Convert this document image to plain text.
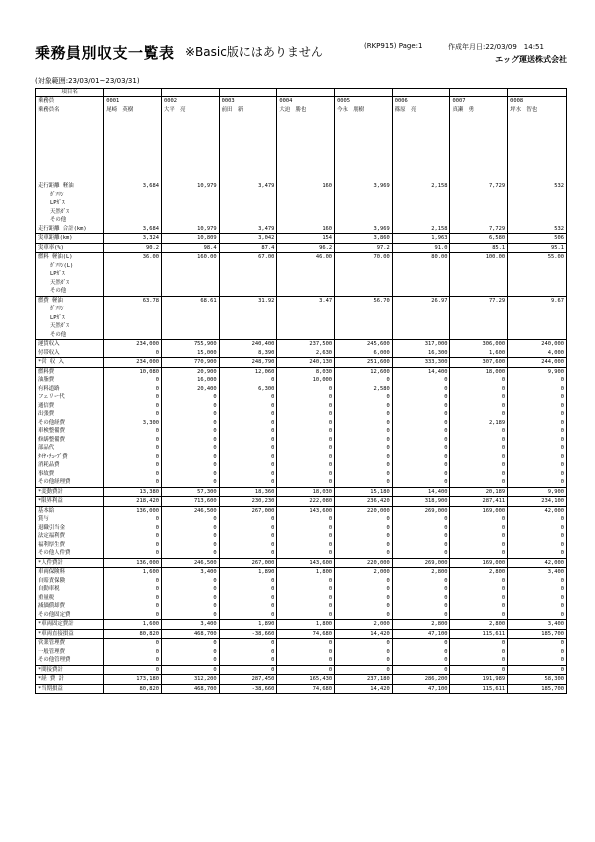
乗務員別収支一覧表 ※Basic版にはありません	(RKP915) Page:1	作成年月日:22/03/09　14:51
エッグ運送株式会社
(対象範囲:23/03/01~23/03/31)
項目名								
乗務員	0001	0002	0003	0004	0005	0006	0007	0008
乗務員名	尾崎　英樹	大平　亮	前田　新	大迫　勝也	今永　朋樹	篠原　亮	真瀬　勇	坪水　智也

走行距離 軽油	3,684	10,979	3,479	160	3,969	2,158	7,729	532
ｶﾞｿﾘﾝ								
LPｶﾞｽ								
天然ｶﾞｽ								
その他								
走行距離 合計(km)	3,684	10,979	3,479	160	3,969	2,158	7,729	532
実車距離(km)	3,324	10,809	3,042	154	3,860	1,963	6,580	506
実車率(%)	90.2	98.4	87.4	96.2	97.2	91.0	85.1	95.1
燃料 軽油(L)	36.00	160.00	67.00	46.00	70.00	80.00	100.00	55.00
ｶﾞｿﾘﾝ(L)								
LPｶﾞｽ								
天然ｶﾞｽ								
その他								
燃費 軽油	63.78	68.61	31.92	3.47	56.70	26.97	77.29	9.67
ｶﾞｿﾘﾝ								
LPｶﾞｽ								
天然ｶﾞｽ								
その他								
運賃収入	234,000	755,900	240,400	237,500	245,600	317,000	306,000	240,000
付帯収入	0	15,000	8,390	2,630	6,000	16,300	1,600	4,000
*営 収 入	234,000	770,900	248,790	240,130	251,600	333,300	307,600	244,000
燃料費	10,080	20,900	12,060	8,030	12,600	14,400	18,000	9,900
油脂費	0	16,000	0	10,000	0	0	0	0
有料道路	0	20,400	6,300	0	2,580	0	0	0
フェリー代	0	0	0	0	0	0	0	0
通信費	0	0	0	0	0	0	0	0
出張費	0	0	0	0	0	0	0	0
その他経費	3,300	0	0	0	0	0	2,189	0
車検整備費	0	0	0	0	0	0	0	0
修繕整備費	0	0	0	0	0	0	0	0
部品代	0	0	0	0	0	0	0	0
ﾀｲﾔ･ﾁｭｰﾌﾞ費	0	0	0	0	0	0	0	0
消耗品費	0	0	0	0	0	0	0	0
事故費	0	0	0	0	0	0	0	0
その他経理費	0	0	0	0	0	0	0	0
*変動費計	13,380	57,300	18,360	18,030	15,180	14,400	20,189	9,900
*限界利益	218,420	713,600	230,230	222,080	236,420	318,900	287,411	234,100
基本給	136,000	246,500	267,000	143,600	220,000	269,000	169,000	42,000
賞与	0	0	0	0	0	0	0	0
退職引当金	0	0	0	0	0	0	0	0
法定福利費	0	0	0	0	0	0	0	0
福利厚生費	0	0	0	0	0	0	0	0
その他人件費	0	0	0	0	0	0	0	0
*人件費計	136,000	246,500	267,000	143,600	220,000	269,000	169,000	42,000
車両保険料	1,600	3,400	1,890	1,800	2,000	2,800	2,800	3,400
自賠責保険	0	0	0	0	0	0	0	0
自動車税	0	0	0	0	0	0	0	0
重量税	0	0	0	0	0	0	0	0
減価償却費	0	0	0	0	0	0	0	0
その他固定費	0	0	0	0	0	0	0	0
*車両固定費計	1,600	3,400	1,890	1,800	2,000	2,800	2,800	3,400
*車両直接損益	80,820	468,700	-38,660	74,680	14,420	47,100	115,611	185,700
営業管理費	0	0	0	0	0	0	0	0
一般管理費	0	0	0	0	0	0	0	0
その他管理費	0	0	0	0	0	0	0	0
*間接費計	0	0	0	0	0	0	0	0
*経 費 計	173,180	312,200	287,450	165,430	237,180	286,200	191,989	58,300
*当期損益	80,820	468,700	-38,660	74,680	14,420	47,100	115,611	185,700
